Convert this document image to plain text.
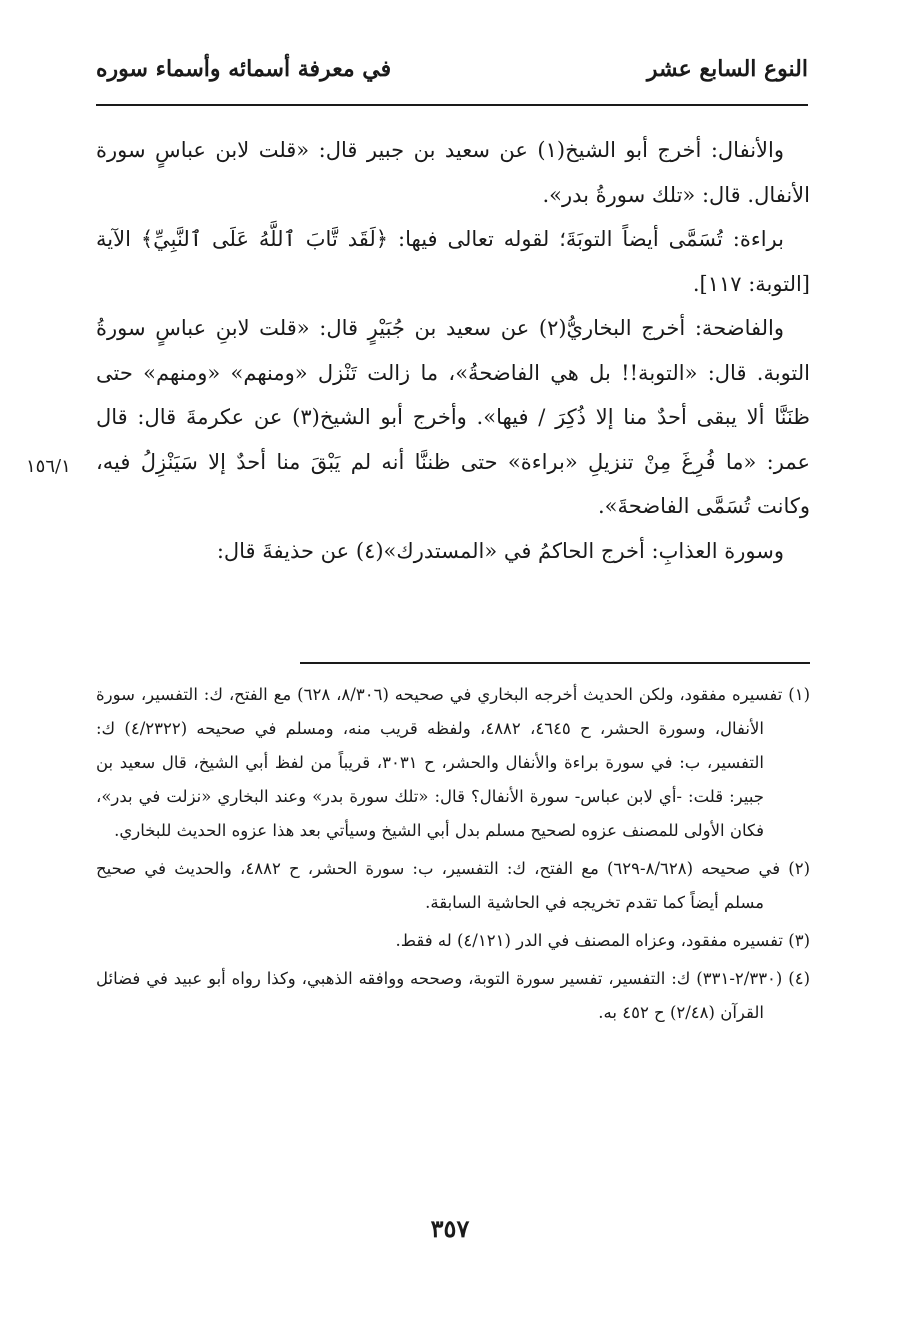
النوع السابع عشر
في معرفة أسمائه وأسماء سوره

والأنفال: أخرج أبو الشيخ(١) عن سعيد بن جبير قال: «قلت لابن عباسٍ سورة الأنفال. قال: «تلك سورةُ بدر».

براءة: تُسَمَّى أيضاً التوبَةَ؛ لقوله تعالى فيها: ﴿لَقَد تَّابَ ٱللَّهُ عَلَى ٱلنَّبِيِّ﴾ الآية [التوبة: ١١٧].

والفاضحة: أخرج البخاريُّ(٢) عن سعيد بن جُبَيْرٍ قال: «قلت لابنِ عباسٍ سورةُ التوبة. قال: «التوبة!! بل هي الفاضحةُ»، ما زالت تَنْزل «ومنهم» «ومنهم» حتى ظنَنَّا ألا يبقى أحدٌ منا إلا ذُكِرَ / فيها». وأخرج أبو الشيخ(٣) عن عكرمةَ قال: قال عمر: «ما فُرِغَ مِنْ تنزيلِ «براءة» حتى ظننَّا أنه لم يَبْقَ منا أحدٌ إلا سَيَنْزِلُ فيه، وكانت تُسَمَّى الفاضحةَ».

وسورة العذابِ: أخرج الحاكمُ في «المستدرك»(٤) عن حذيفةَ قال:

١٥٦/١

(١) تفسيره مفقود، ولكن الحديث أخرجه البخاري في صحيحه (٨/٣٠٦، ٦٢٨) مع الفتح، ك: التفسير، سورة الأنفال، وسورة الحشر، ح ٤٦٤٥، ٤٨٨٢، ولفظه قريب منه، ومسلم في صحيحه (٤/٢٣٢٢) ك: التفسير، ب: في سورة براءة والأنفال والحشر، ح ٣٠٣١، قريباً من لفظ أبي الشيخ، قال سعيد بن جبير: قلت: -أي لابن عباس- سورة الأنفال؟ قال: «تلك سورة بدر» وعند البخاري «نزلت في بدر»، فكان الأولى للمصنف عزوه لصحيح مسلم بدل أبي الشيخ وسيأتي بعد هذا عزوه الحديث للبخاري.

(٢) في صحيحه (٨/٦٢٨-٦٢٩) مع الفتح، ك: التفسير، ب: سورة الحشر، ح ٤٨٨٢، والحديث في صحيح مسلم أيضاً كما تقدم تخريجه في الحاشية السابقة.

(٣) تفسيره مفقود، وعزاه المصنف في الدر (٤/١٢١) له فقط.

(٤) (٢/٣٣٠-٣٣١) ك: التفسير، تفسير سورة التوبة، وصححه ووافقه الذهبي، وكذا رواه أبو عبيد في فضائل القرآن (٢/٤٨) ح ٤٥٢ به.

٣٥٧
